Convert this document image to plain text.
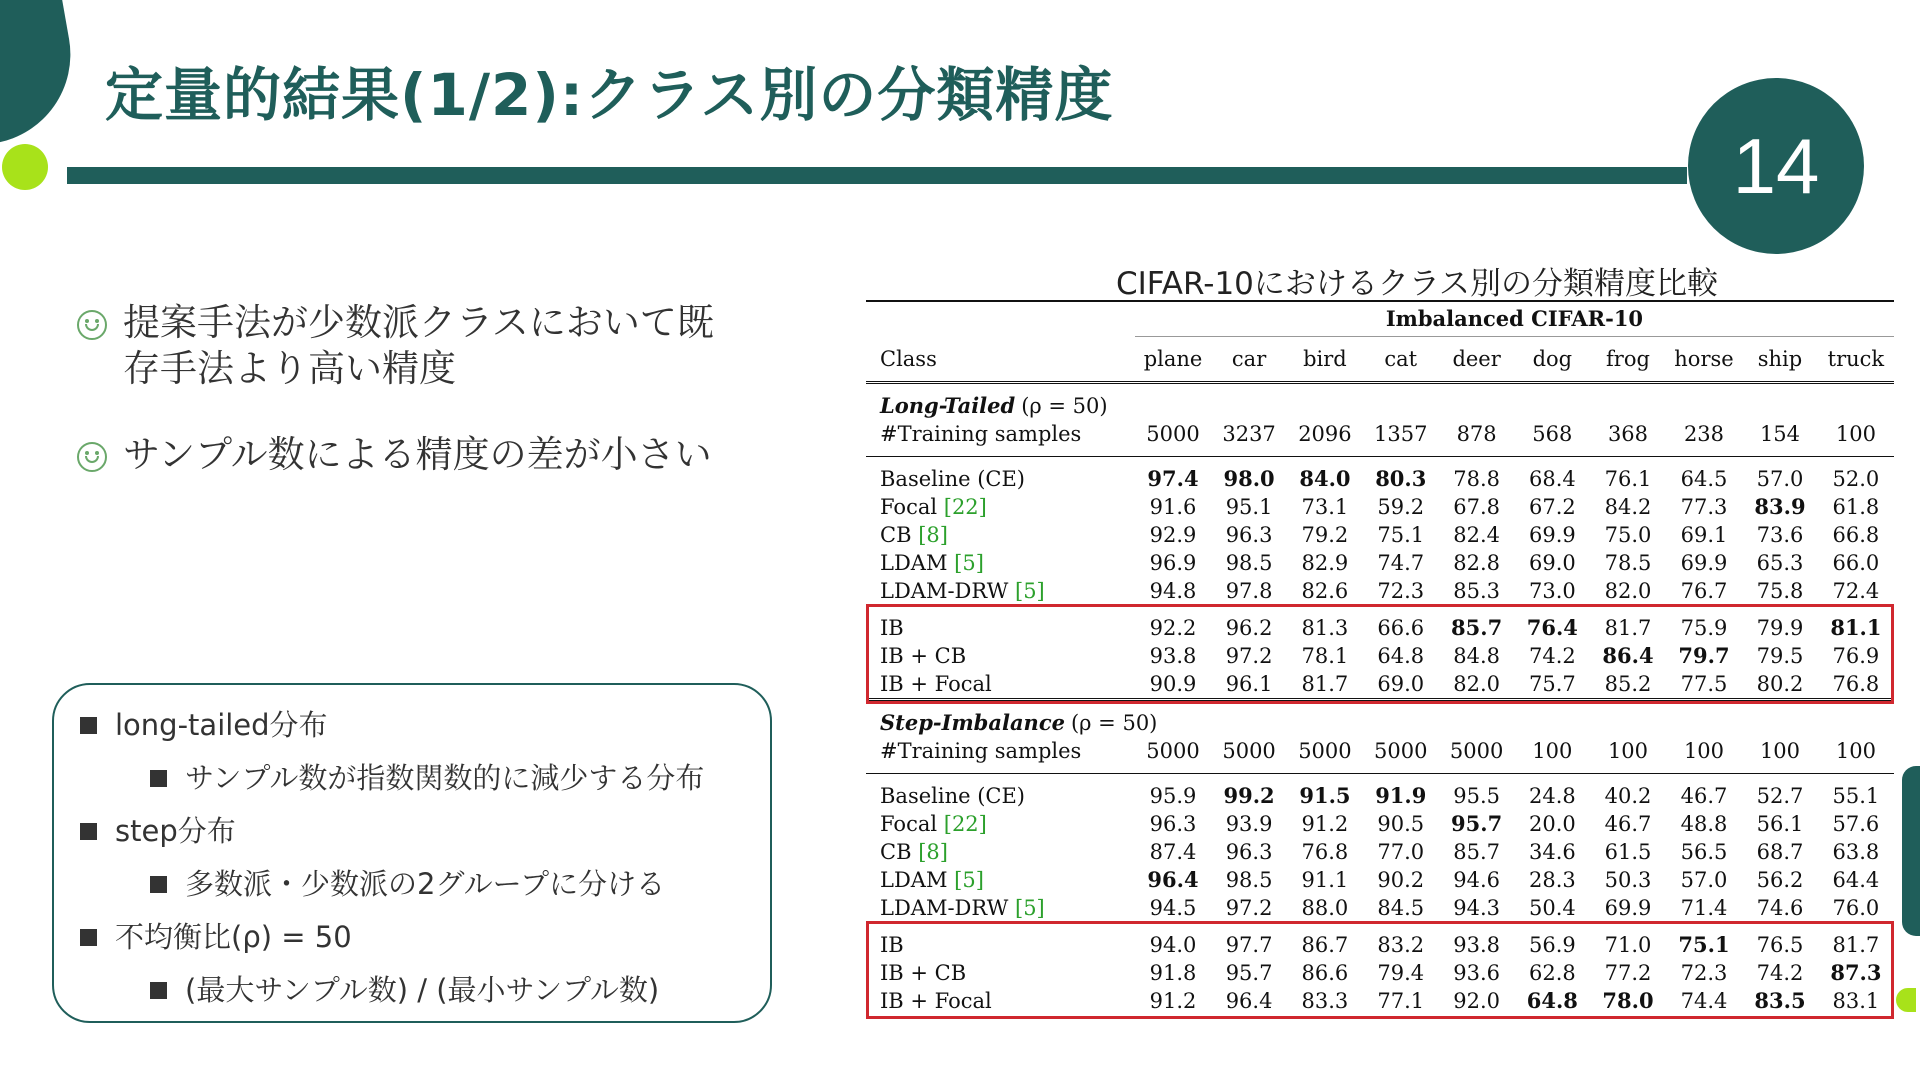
定量的結果(1/2):クラス別の分類精度
14
提案手法が少数派クラスにおいて既存手法より高い精度
サンプル数による精度の差が小さい
long-tailed分布
サンプル数が指数関数的に減少する分布
step分布
多数派・少数派の2グループに分ける
不均衡比(ρ) = 50
(最大サンプル数) / (最小サンプル数)
CIFAR-10におけるクラス別の分類精度比較
	Imbalanced CIFAR-10									
Class	plane	car	bird	cat	deer	dog	frog	horse	ship	truck
Long-Tailed (ρ = 50)										
#Training samples	5000	3237	2096	1357	878	568	368	238	154	100
Baseline (CE)	97.4	98.0	84.0	80.3	78.8	68.4	76.1	64.5	57.0	52.0
Focal [22]	91.6	95.1	73.1	59.2	67.8	67.2	84.2	77.3	83.9	61.8
CB [8]	92.9	96.3	79.2	75.1	82.4	69.9	75.0	69.1	73.6	66.8
LDAM [5]	96.9	98.5	82.9	74.7	82.8	69.0	78.5	69.9	65.3	66.0
LDAM-DRW [5]	94.8	97.8	82.6	72.3	85.3	73.0	82.0	76.7	75.8	72.4
IB	92.2	96.2	81.3	66.6	85.7	76.4	81.7	75.9	79.9	81.1
IB + CB	93.8	97.2	78.1	64.8	84.8	74.2	86.4	79.7	79.5	76.9
IB + Focal	90.9	96.1	81.7	69.0	82.0	75.7	85.2	77.5	80.2	76.8
Step-Imbalance (ρ = 50)										
#Training samples	5000	5000	5000	5000	5000	100	100	100	100	100
Baseline (CE)	95.9	99.2	91.5	91.9	95.5	24.8	40.2	46.7	52.7	55.1
Focal [22]	96.3	93.9	91.2	90.5	95.7	20.0	46.7	48.8	56.1	57.6
CB [8]	87.4	96.3	76.8	77.0	85.7	34.6	61.5	56.5	68.7	63.8
LDAM [5]	96.4	98.5	91.1	90.2	94.6	28.3	50.3	57.0	56.2	64.4
LDAM-DRW [5]	94.5	97.2	88.0	84.5	94.3	50.4	69.9	71.4	74.6	76.0
IB	94.0	97.7	86.7	83.2	93.8	56.9	71.0	75.1	76.5	81.7
IB + CB	91.8	95.7	86.6	79.4	93.6	62.8	77.2	72.3	74.2	87.3
IB + Focal	91.2	96.4	83.3	77.1	92.0	64.8	78.0	74.4	83.5	83.1
